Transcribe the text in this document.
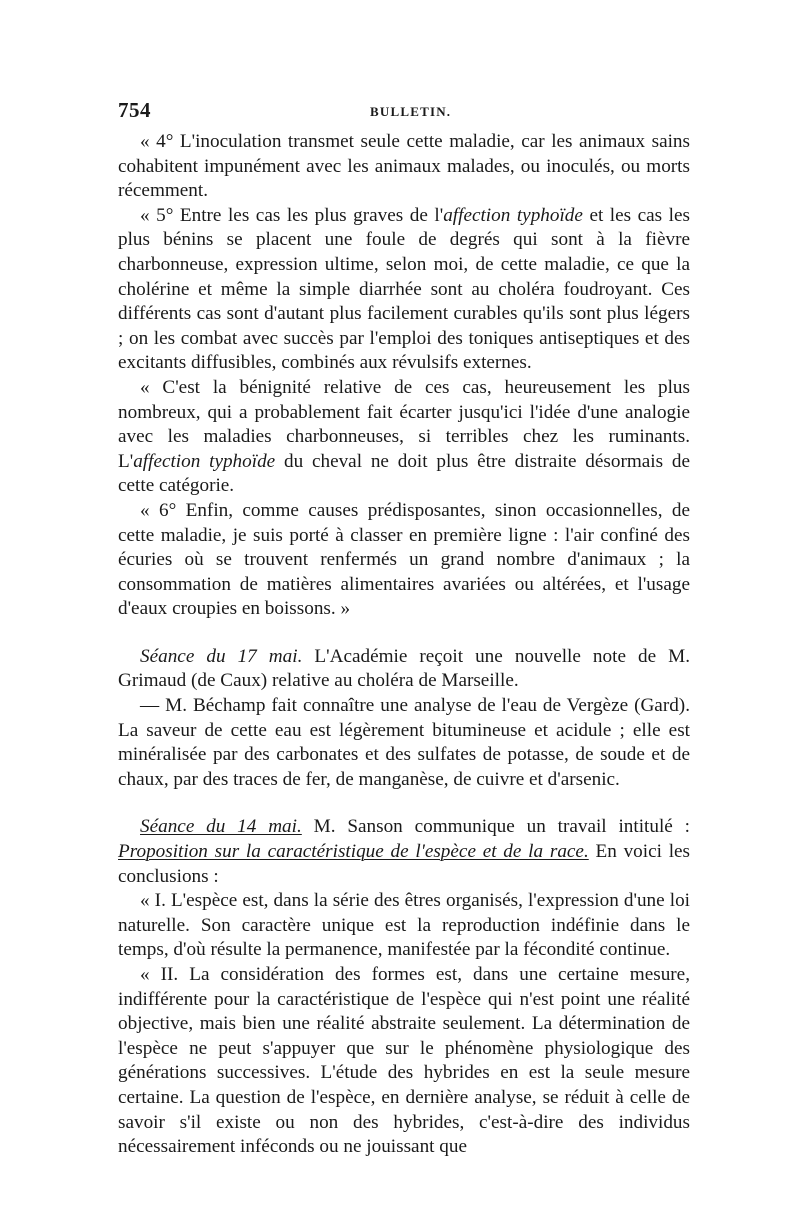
754	BULLETIN.

« 4° L'inoculation transmet seule cette maladie, car les animaux sains cohabitent impunément avec les animaux malades, ou inoculés, ou morts récemment.

« 5° Entre les cas les plus graves de l'affection typhoïde et les cas les plus bénins se placent une foule de degrés qui sont à la fièvre charbonneuse, expression ultime, selon moi, de cette maladie, ce que la cholérine et même la simple diarrhée sont au choléra foudroyant. Ces différents cas sont d'autant plus facilement curables qu'ils sont plus légers ; on les combat avec succès par l'emploi des toniques antiseptiques et des excitants diffusibles, combinés aux révulsifs externes.

« C'est la bénignité relative de ces cas, heureusement les plus nombreux, qui a probablement fait écarter jusqu'ici l'idée d'une analogie avec les maladies charbonneuses, si terribles chez les ruminants. L'affection typhoïde du cheval ne doit plus être distraite désormais de cette catégorie.

« 6° Enfin, comme causes prédisposantes, sinon occasionnelles, de cette maladie, je suis porté à classer en première ligne : l'air confiné des écuries où se trouvent renfermés un grand nombre d'animaux ; la consommation de matières alimentaires avariées ou altérées, et l'usage d'eaux croupies en boissons. »

Séance du 17 mai. L'Académie reçoit une nouvelle note de M. Grimaud (de Caux) relative au choléra de Marseille.

— M. Béchamp fait connaître une analyse de l'eau de Vergèze (Gard). La saveur de cette eau est légèrement bitumineuse et acidule ; elle est minéralisée par des carbonates et des sulfates de potasse, de soude et de chaux, par des traces de fer, de manganèse, de cuivre et d'arsenic.

Séance du 14 mai. M. Sanson communique un travail intitulé : Proposition sur la caractéristique de l'espèce et de la race. En voici les conclusions :

« I. L'espèce est, dans la série des êtres organisés, l'expression d'une loi naturelle. Son caractère unique est la reproduction indéfinie dans le temps, d'où résulte la permanence, manifestée par la fécondité continue.

« II. La considération des formes est, dans une certaine mesure, indifférente pour la caractéristique de l'espèce qui n'est point une réalité objective, mais bien une réalité abstraite seulement. La détermination de l'espèce ne peut s'appuyer que sur le phénomène physiologique des générations successives. L'étude des hybrides en est la seule mesure certaine. La question de l'espèce, en dernière analyse, se réduit à celle de savoir s'il existe ou non des hybrides, c'est-à-dire des individus nécessairement inféconds ou ne jouissant que
